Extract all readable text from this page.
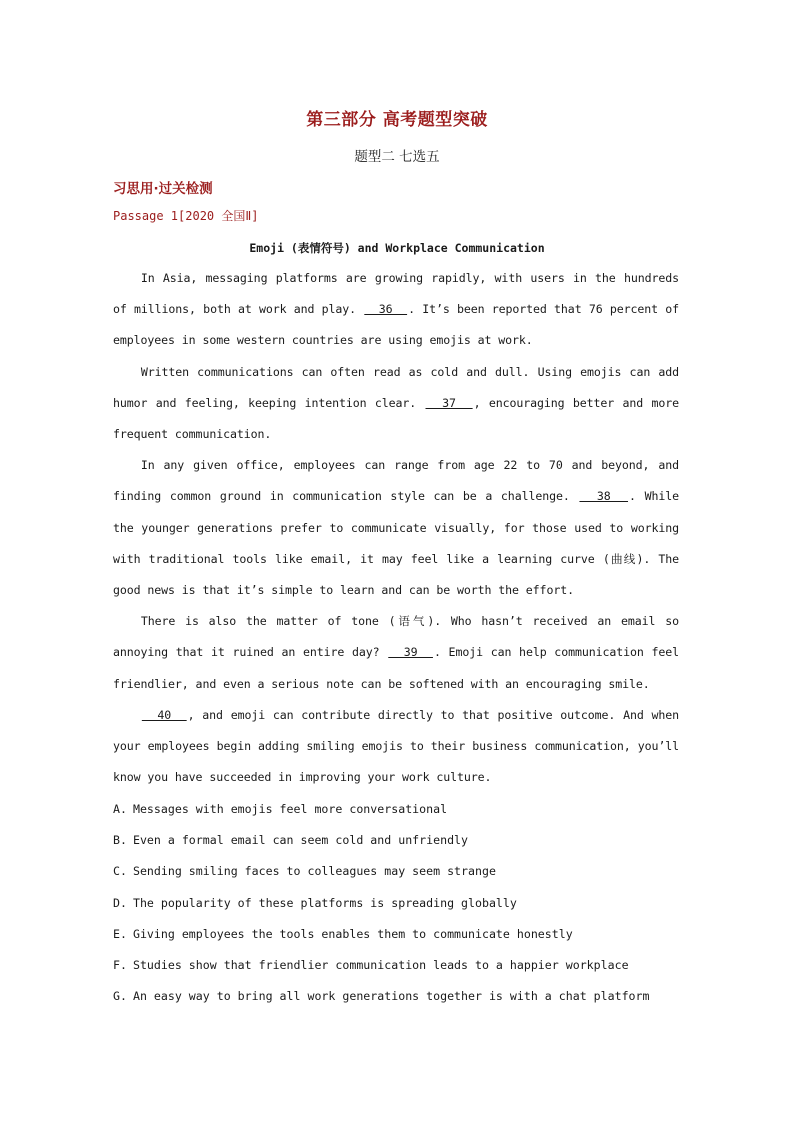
第三部分 高考题型突破
题型二 七选五
习思用·过关检测
Passage 1[2020 全国Ⅱ]
Emoji (表情符号) and Workplace Communication

In Asia, messaging platforms are growing rapidly, with users in the hundreds of millions, both at work and play.   36  . It’s been reported that 76 percent of employees in some western countries are using emojis at work.

Written communications can often read as cold and dull. Using emojis can add humor and feeling, keeping intention clear.   37  , encouraging better and more frequent communication.

In any given office, employees can range from age 22 to 70 and beyond, and finding common ground in communication style can be a challenge.   38  . While the younger generations prefer to communicate visually, for those used to working with traditional tools like email, it may feel like a learning curve (曲线). The good news is that it’s simple to learn and can be worth the effort.

There is also the matter of tone (语气). Who hasn’t received an email so annoying that it ruined an entire day?   39  . Emoji can help communication feel friendlier, and even a serious note can be softened with an encouraging smile.

40  , and emoji can contribute directly to that positive outcome. And when your employees begin adding smiling emojis to their business communication, you’ll know you have succeeded in improving your work culture.

A. Messages with emojis feel more conversational
B. Even a formal email can seem cold and unfriendly
C. Sending smiling faces to colleagues may seem strange
D. The popularity of these platforms is spreading globally
E. Giving employees the tools enables them to communicate honestly
F. Studies show that friendlier communication leads to a happier workplace
G. An easy way to bring all work generations together is with a chat platform
